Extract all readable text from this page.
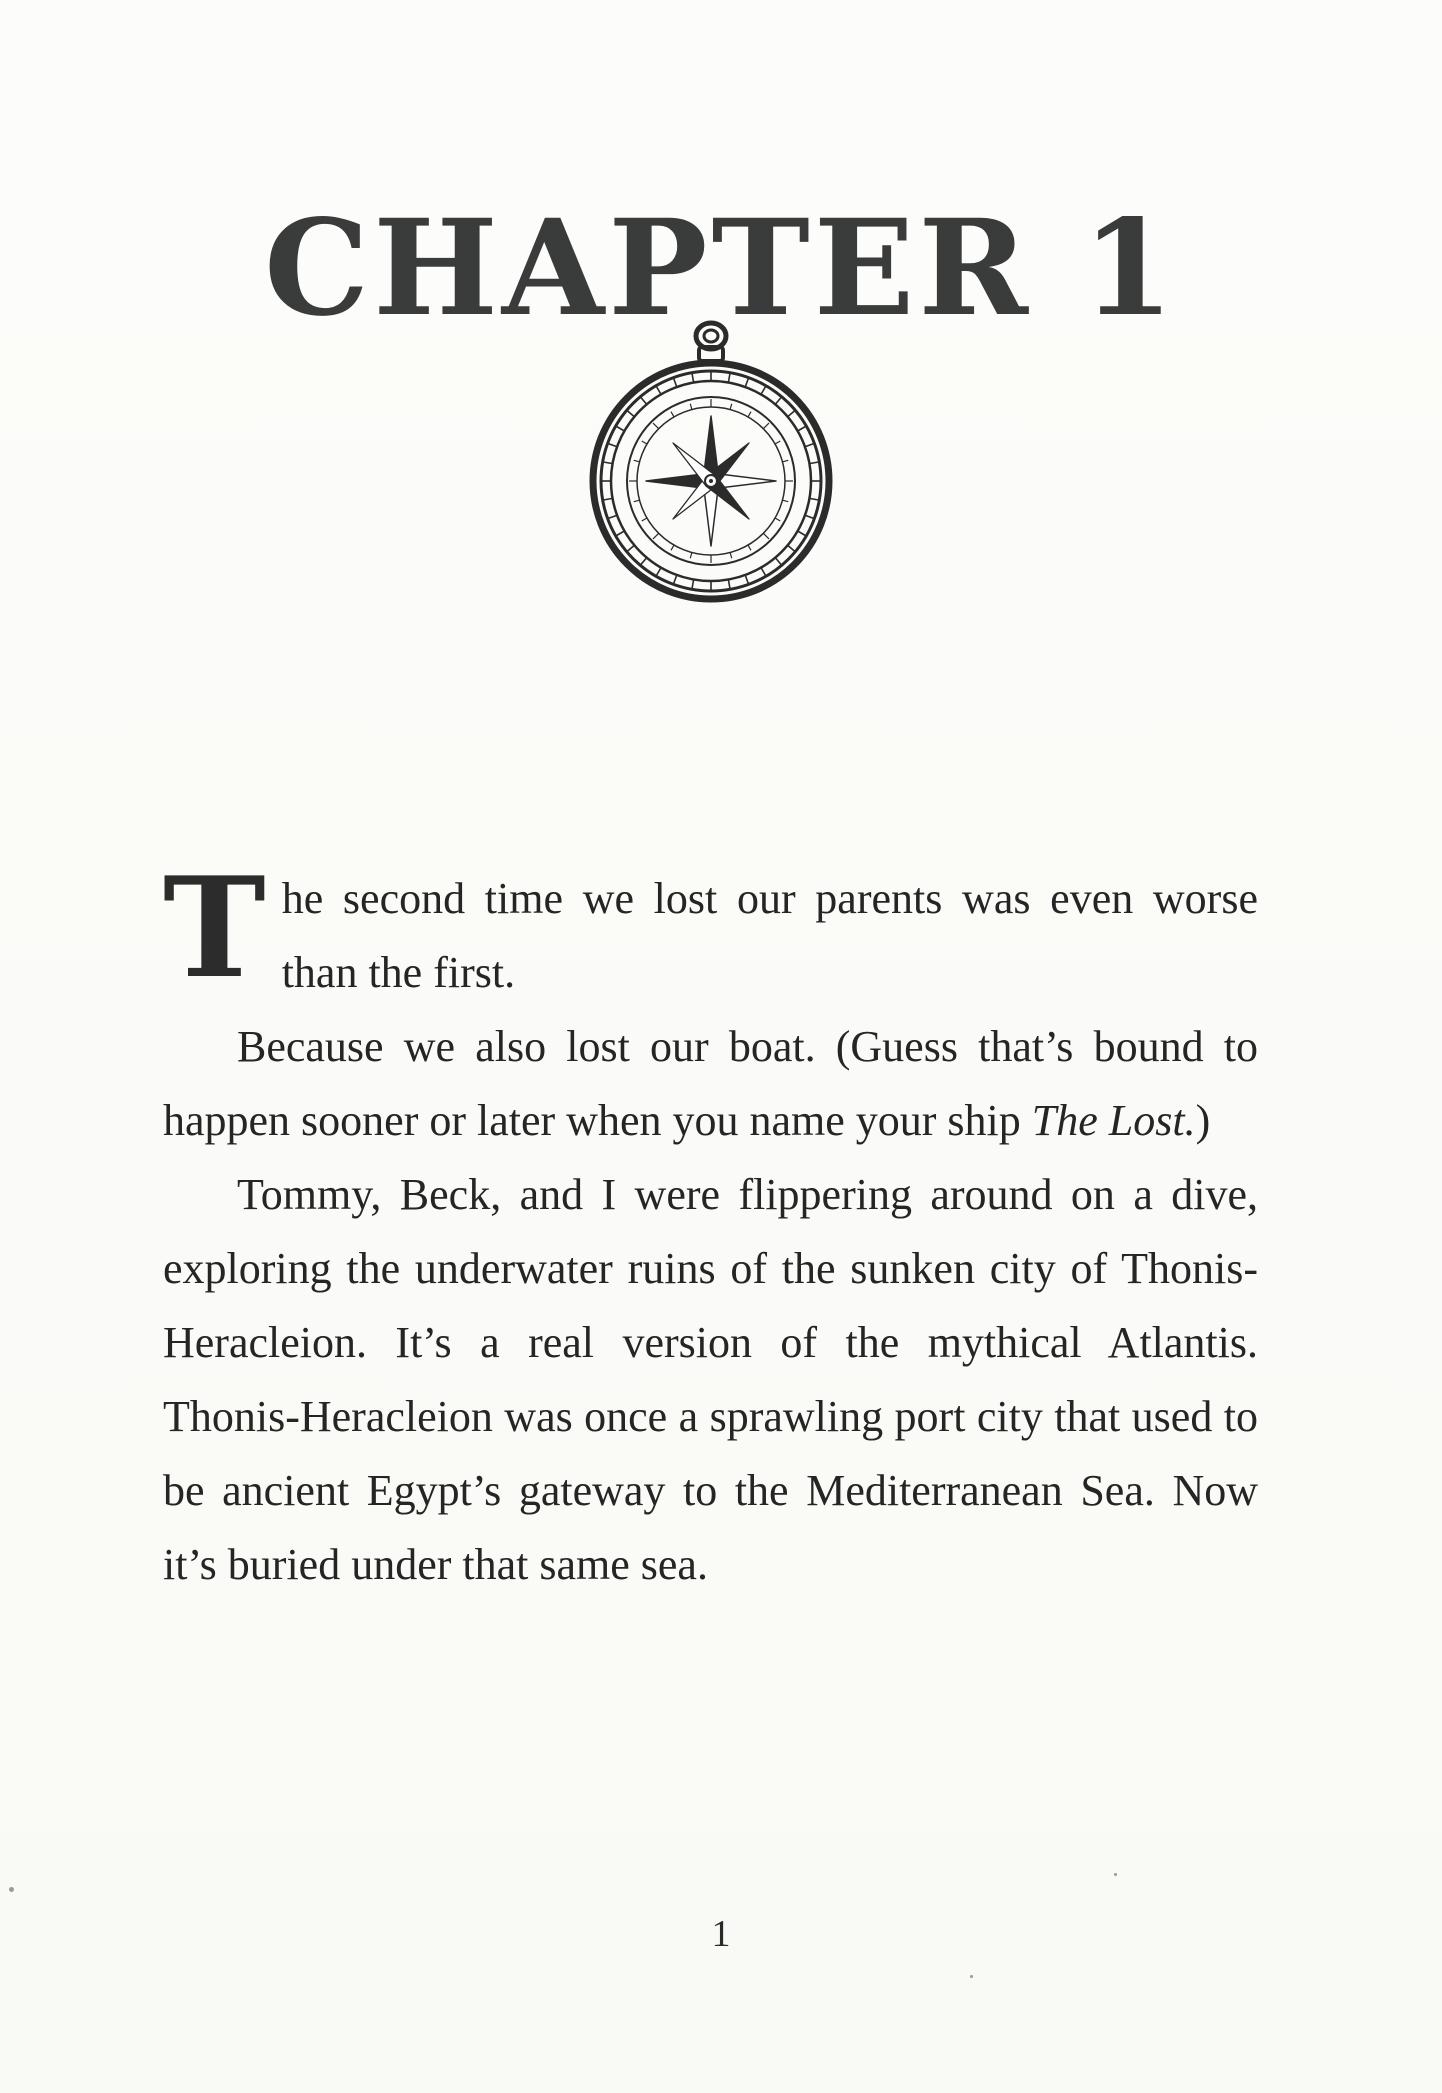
CHAPTER 1

The second time we lost our parents was even worse than the first.

Because we also lost our boat. (Guess that’s bound to happen sooner or later when you name your ship The Lost.)

Tommy, Beck, and I were flippering around on a dive, exploring the underwater ruins of the sunken city of Thonis-Heracleion. It’s a real version of the mythical Atlantis. Thonis-Heracleion was once a sprawling port city that used to be ancient Egypt’s gateway to the Mediterranean Sea. Now it’s buried under that same sea.

1
